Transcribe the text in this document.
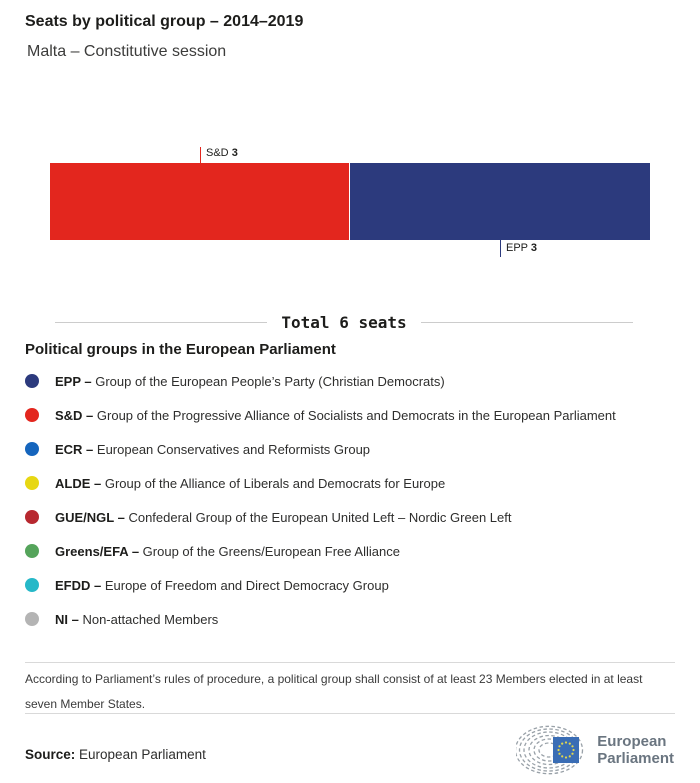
Seats by political group – 2014–2019
Malta – Constitutive session
S&D 3
EPP 3
Total 6 seats
Political groups in the European Parliament
EPP – Group of the European People’s Party (Christian Democrats)
S&D – Group of the Progressive Alliance of Socialists and Democrats in the European Parliament
ECR – European Conservatives and Reformists Group
ALDE – Group of the Alliance of Liberals and Democrats for Europe
GUE/NGL – Confederal Group of the European United Left – Nordic Green Left
Greens/EFA – Group of the Greens/European Free Alliance
EFDD – Europe of Freedom and Direct Democracy Group
NI – Non-attached Members

According to Parliament’s rules of procedure, a political group shall consist of at least 23 Members elected in at least seven Member States.

Source: European Parliament

European
Parliament
